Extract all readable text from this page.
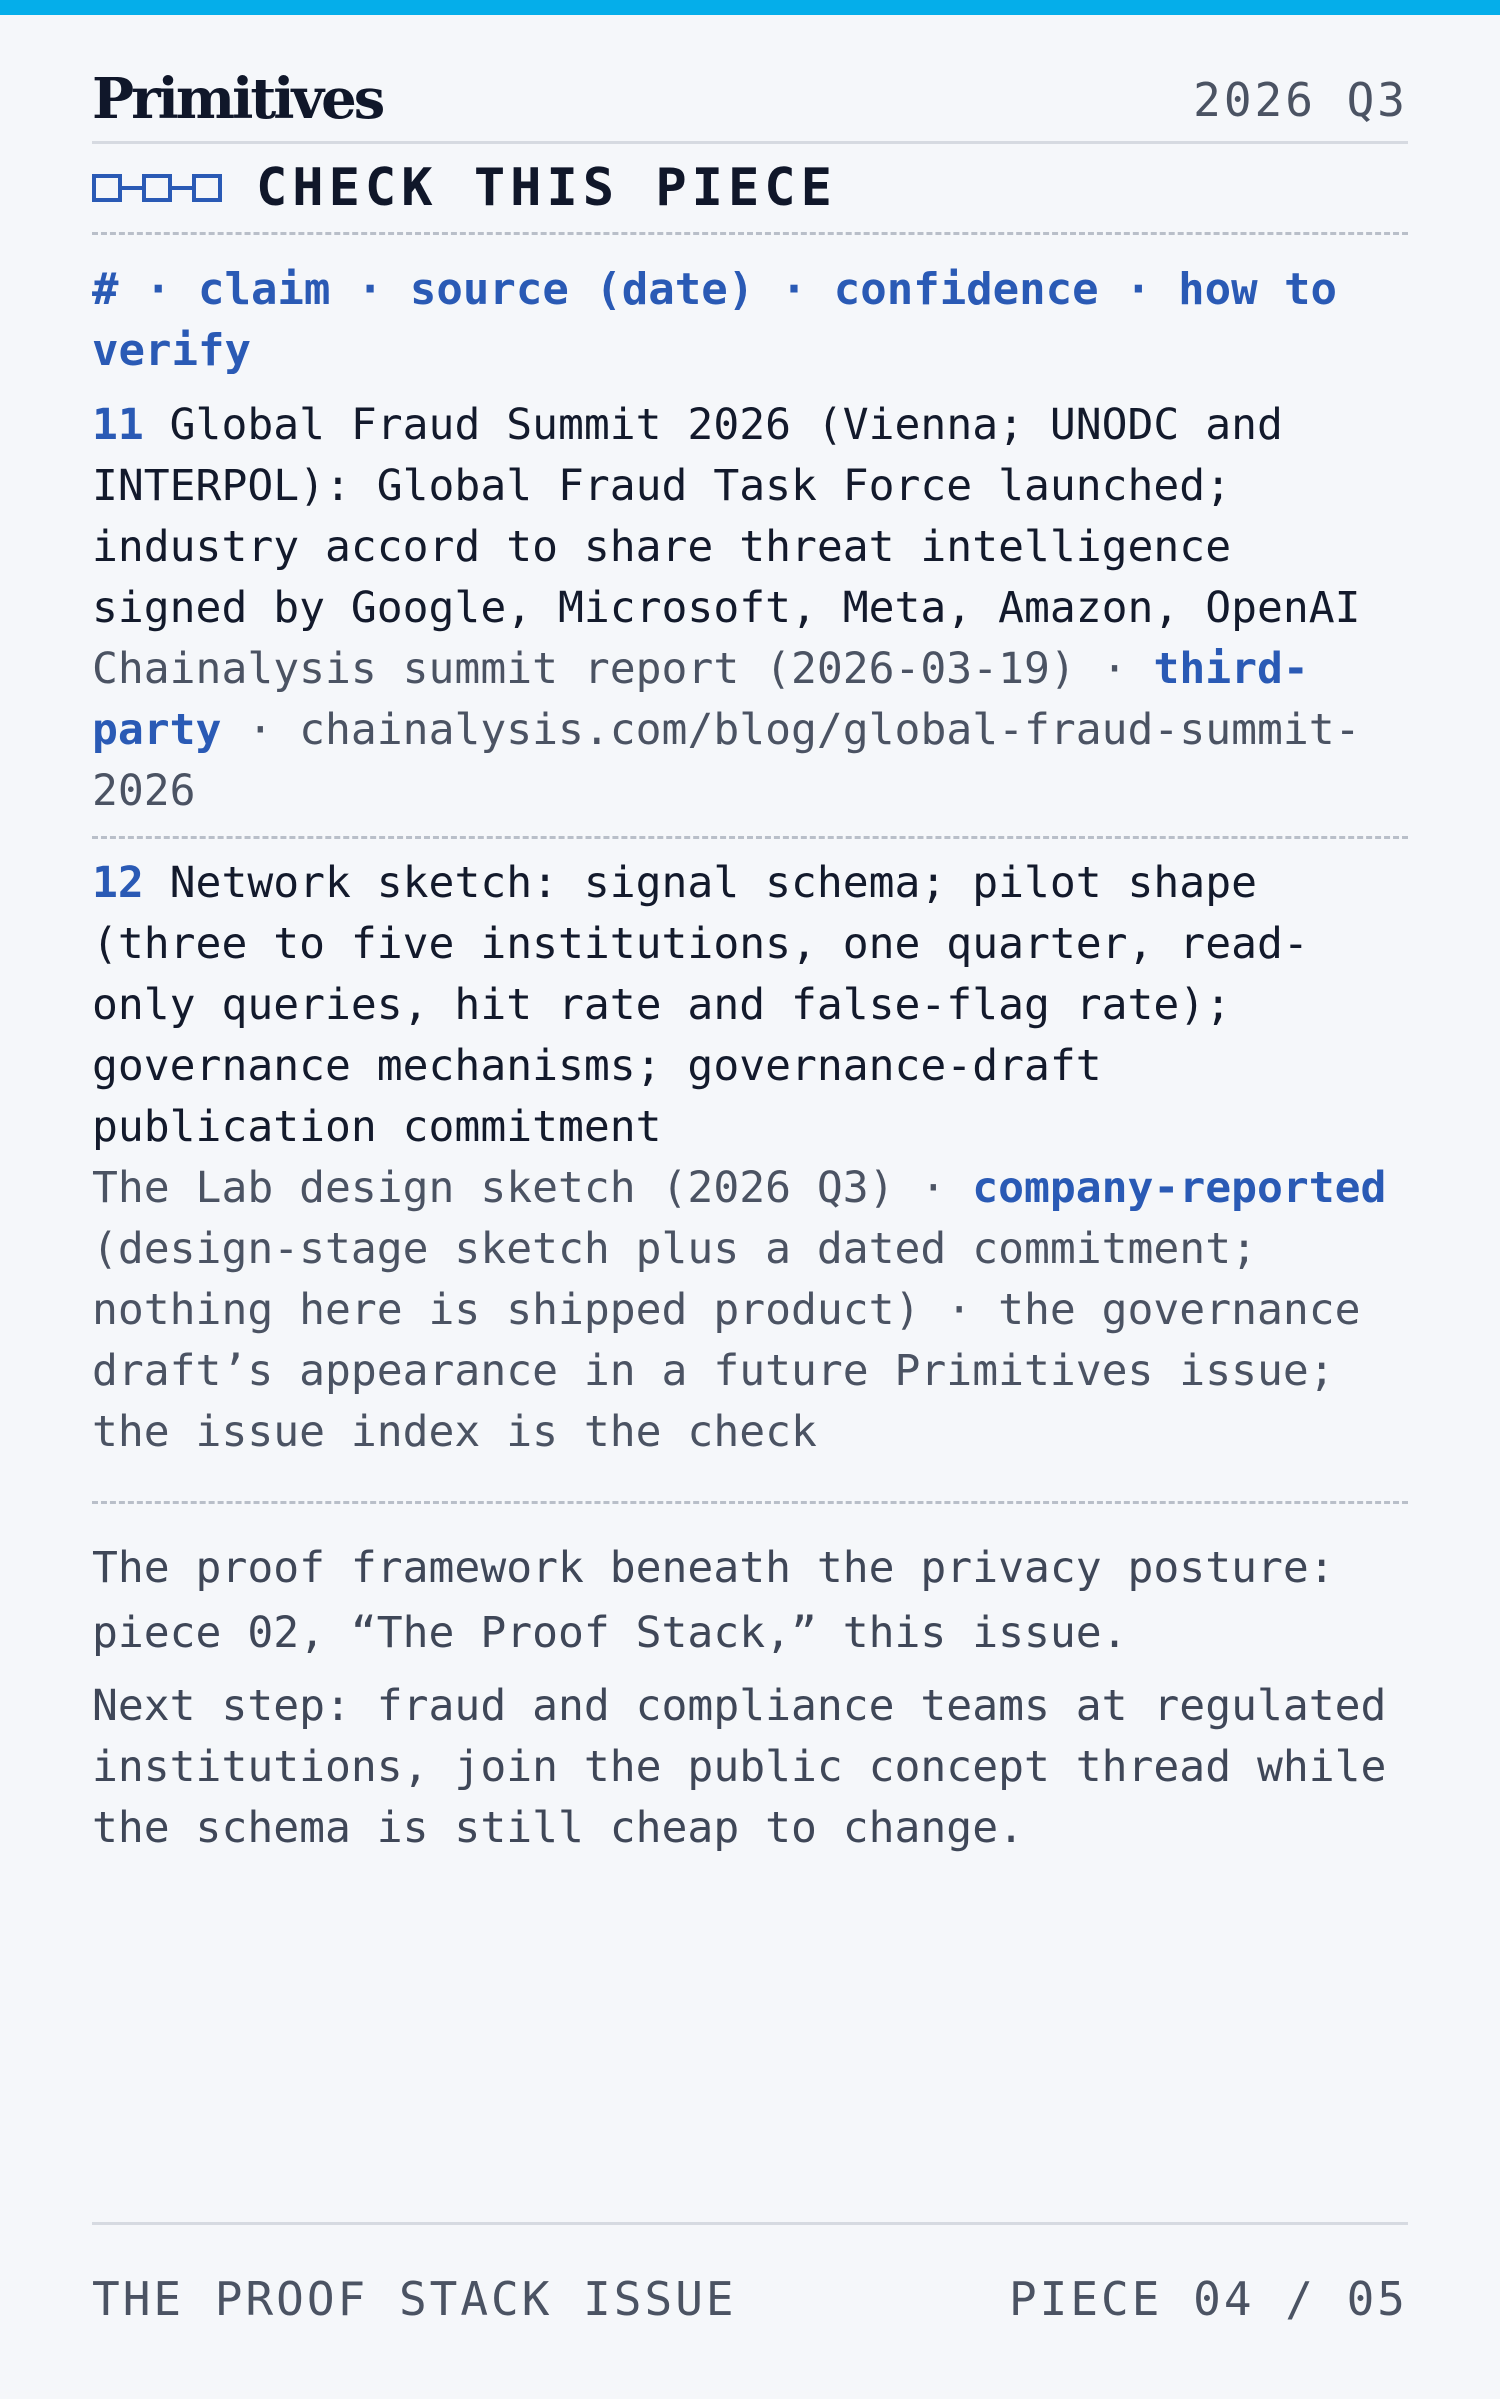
Primitives	2026 Q3
CHECK THIS PIECE
# · claim · source (date) · confidence · how to verify
11 Global Fraud Summit 2026 (Vienna; UNODC and INTERPOL): Global Fraud Task Force launched; industry accord to share threat intelligence signed by Google, Microsoft, Meta, Amazon, OpenAI
Chainalysis summit report (2026-03-19) · third-party · chainalysis.com/blog/global-fraud-summit-2026
12 Network sketch: signal schema; pilot shape (three to five institutions, one quarter, read-only queries, hit rate and false-flag rate); governance mechanisms; governance-draft publication commitment
The Lab design sketch (2026 Q3) · company-reported (design-stage sketch plus a dated commitment; nothing here is shipped product) · the governance draft’s appearance in a future Primitives issue; the issue index is the check

The proof framework beneath the privacy posture: piece 02, “The Proof Stack,” this issue.

Next step: fraud and compliance teams at regulated institutions, join the public concept thread while the schema is still cheap to change.

THE PROOF STACK ISSUE	PIECE 04 / 05
